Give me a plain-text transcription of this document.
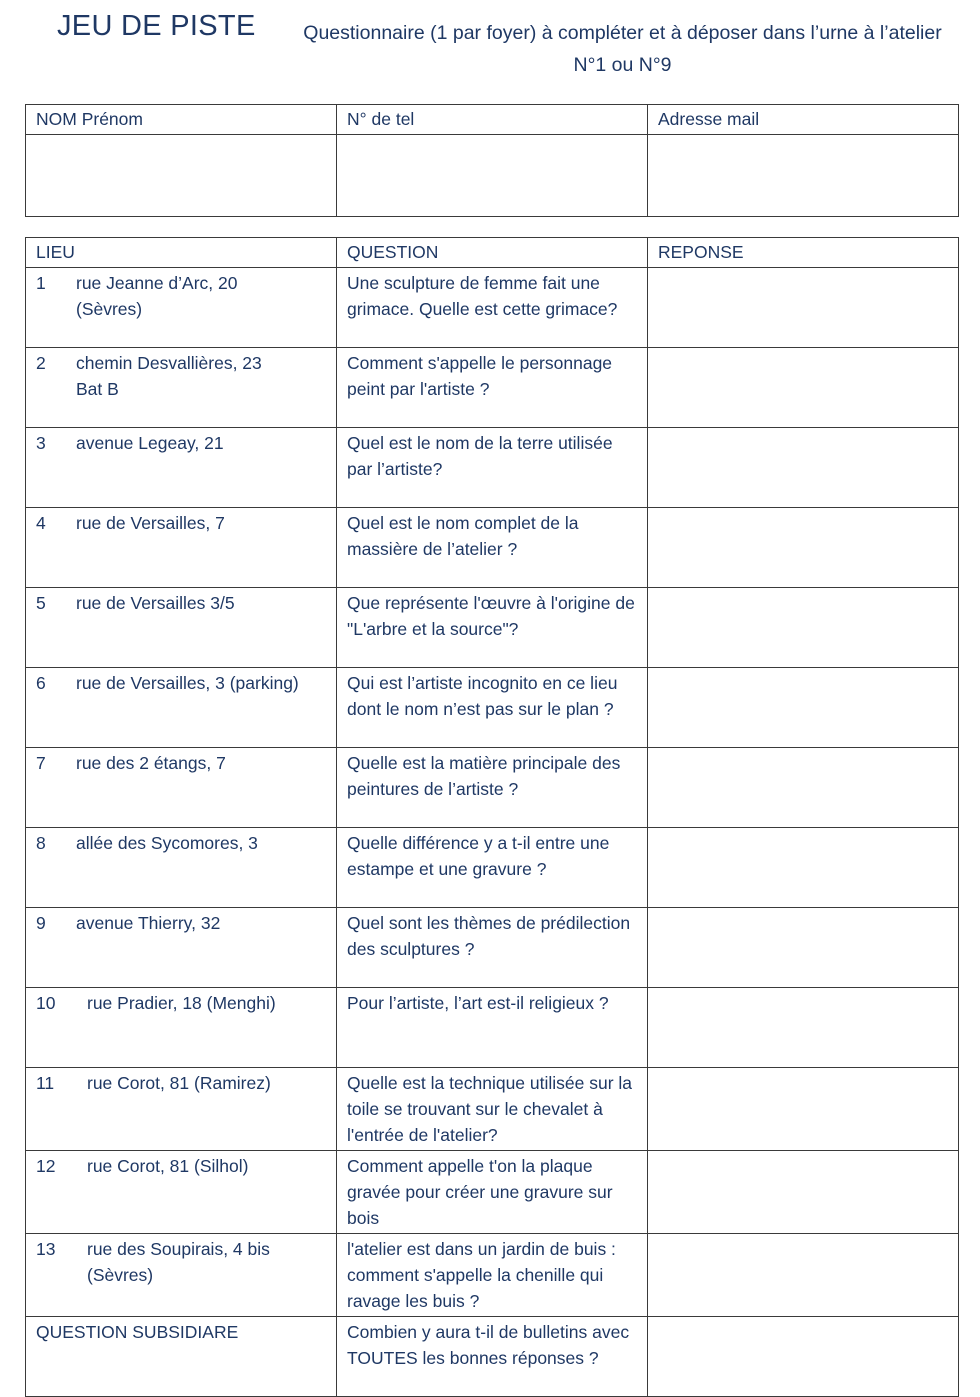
JEU DE PISTE	Questionnaire (1 par foyer) à compléter et à déposer dans l’urne à l’atelier N°1 ou N°9
NOM Prénom	N° de tel	Adresse mail

LIEU	QUESTION	REPONSE

1 rue Jeanne d’Arc, 20
(Sèvres)	Une sculpture de femme fait une grimace. Quelle est cette grimace?	

2 chemin Desvallières, 23
Bat B	Comment s'appelle le personnage peint par l'artiste ?	

3 avenue Legeay, 21	Quel est le nom de la terre utilisée par l’artiste?	

4 rue de Versailles, 7	Quel est le nom complet de la massière de l’atelier ?	

5 rue de Versailles 3/5	Que représente l'œuvre à l'origine de "L'arbre et la source"?	

6 rue de Versailles, 3 (parking)	Qui est l’artiste incognito en ce lieu dont le nom n’est pas sur le plan ?	

7 rue des 2 étangs, 7	Quelle est la matière principale des peintures de l’artiste ?	

8 allée des Sycomores, 3	Quelle différence y a t-il entre une estampe et une gravure ?	

9 avenue Thierry, 32	Quel sont les thèmes de prédilection des sculptures ?	

10 rue Pradier, 18 (Menghi)	Pour l’artiste, l’art est-il religieux ?	

11 rue Corot, 81 (Ramirez)	Quelle est la technique utilisée sur la toile se trouvant sur le chevalet à l'entrée de l'atelier?	

12 rue Corot, 81 (Silhol)	Comment appelle t'on la plaque gravée pour créer une gravure sur bois	

13 rue des Soupirais, 4 bis
(Sèvres)	l'atelier est dans un jardin de buis : comment s'appelle la chenille qui ravage les buis ?	
QUESTION SUBSIDIARE	Combien y aura t-il de bulletins avec TOUTES les bonnes réponses ?	
